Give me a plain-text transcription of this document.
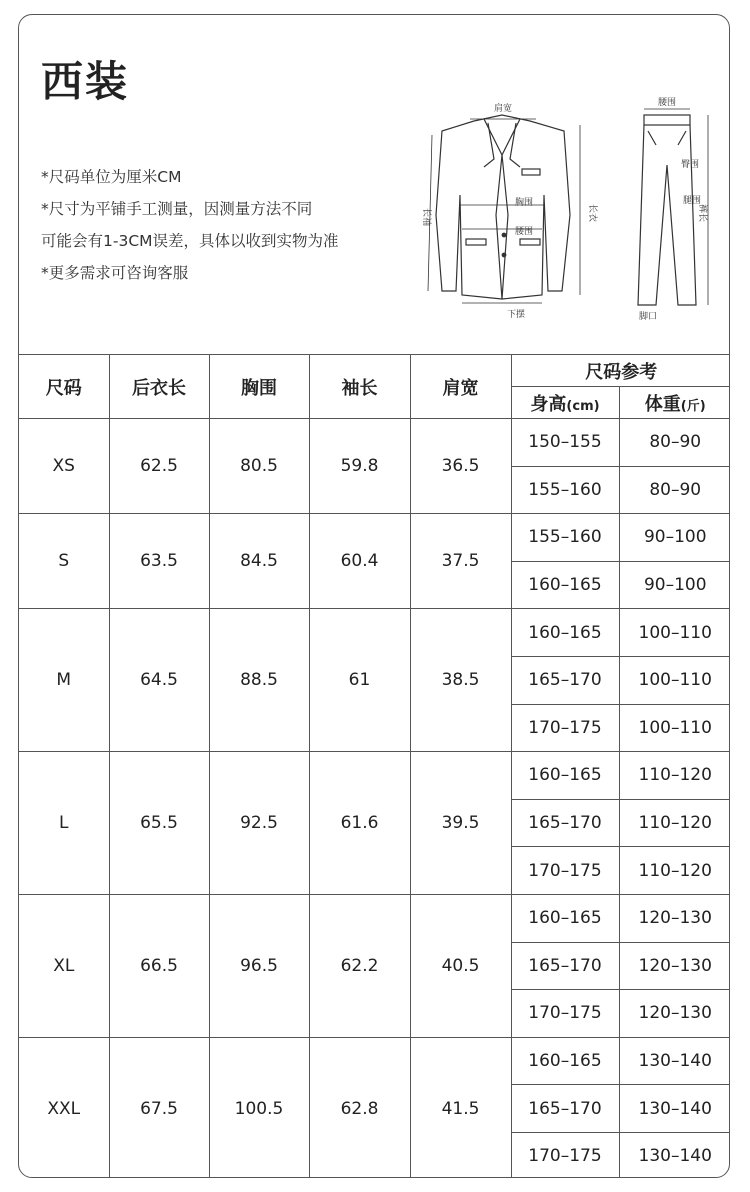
西装
*尺码单位为厘米CM
*尺寸为平铺手工测量，因测量方法不同
可能会有1-3CM误差，具体以收到实物为准
*更多需求可咨询客服
肩宽
长袖	长衣
胸围
腰围
下摆
腰围
臀围
腿围
裤长
脚口
尺码	后衣长	胸围	袖长	肩宽	尺码参考	
					身高(cm)	体重(斤)
XS	62.5	80.5	59.8	36.5	150–155	80–90
					155–160	80–90
S	63.5	84.5	60.4	37.5	155–160	90–100
					160–165	90–100
M	64.5	88.5	61	38.5	160–165	100–110
					165–170	100–110
					170–175	100–110
L	65.5	92.5	61.6	39.5	160–165	110–120
					165–170	110–120
					170–175	110–120
XL	66.5	96.5	62.2	40.5	160–165	120–130
					165–170	120–130
					170–175	120–130
XXL	67.5	100.5	62.8	41.5	160–165	130–140
					165–170	130–140
					170–175	130–140
